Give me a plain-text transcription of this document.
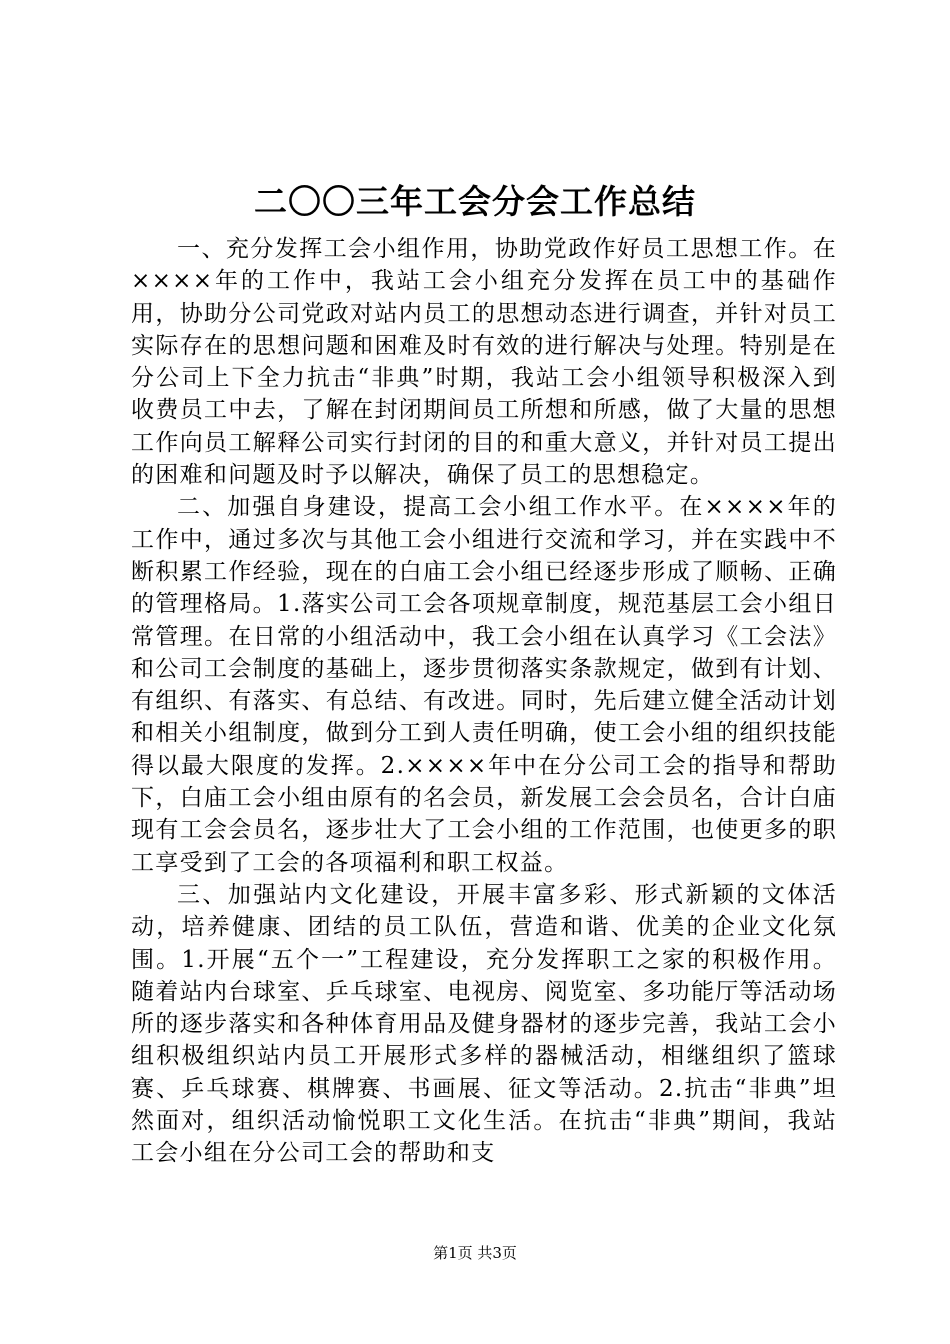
二〇〇三年工会分会工作总结

一、充分发挥工会小组作用，协助党政作好员工思想工作。在××××年的工作中，我站工会小组充分发挥在员工中的基础作用，协助分公司党政对站内员工的思想动态进行调查，并针对员工实际存在的思想问题和困难及时有效的进行解决与处理。特别是在分公司上下全力抗击“非典”时期，我站工会小组领导积极深入到收费员工中去，了解在封闭期间员工所想和所感，做了大量的思想工作向员工解释公司实行封闭的目的和重大意义，并针对员工提出的困难和问题及时予以解决，确保了员工的思想稳定。

二、加强自身建设，提高工会小组工作水平。在××××年的工作中，通过多次与其他工会小组进行交流和学习，并在实践中不断积累工作经验，现在的白庙工会小组已经逐步形成了顺畅、正确的管理格局。1.落实公司工会各项规章制度，规范基层工会小组日常管理。在日常的小组活动中，我工会小组在认真学习《工会法》和公司工会制度的基础上，逐步贯彻落实条款规定，做到有计划、有组织、有落实、有总结、有改进。同时，先后建立健全活动计划和相关小组制度，做到分工到人责任明确，使工会小组的组织技能得以最大限度的发挥。2.××××年中在分公司工会的指导和帮助下，白庙工会小组由原有的名会员，新发展工会会员名，合计白庙现有工会会员名，逐步壮大了工会小组的工作范围，也使更多的职工享受到了工会的各项福利和职工权益。

三、加强站内文化建设，开展丰富多彩、形式新颖的文体活动，培养健康、团结的员工队伍，营造和谐、优美的企业文化氛围。1.开展“五个一”工程建设，充分发挥职工之家的积极作用。随着站内台球室、乒乓球室、电视房、阅览室、多功能厅等活动场所的逐步落实和各种体育用品及健身器材的逐步完善，我站工会小组积极组织站内员工开展形式多样的器械活动，相继组织了篮球赛、乒乓球赛、棋牌赛、书画展、征文等活动。2.抗击“非典”坦然面对，组织活动愉悦职工文化生活。在抗击“非典”期间，我站工会小组在分公司工会的帮助和支

第1页 共3页
